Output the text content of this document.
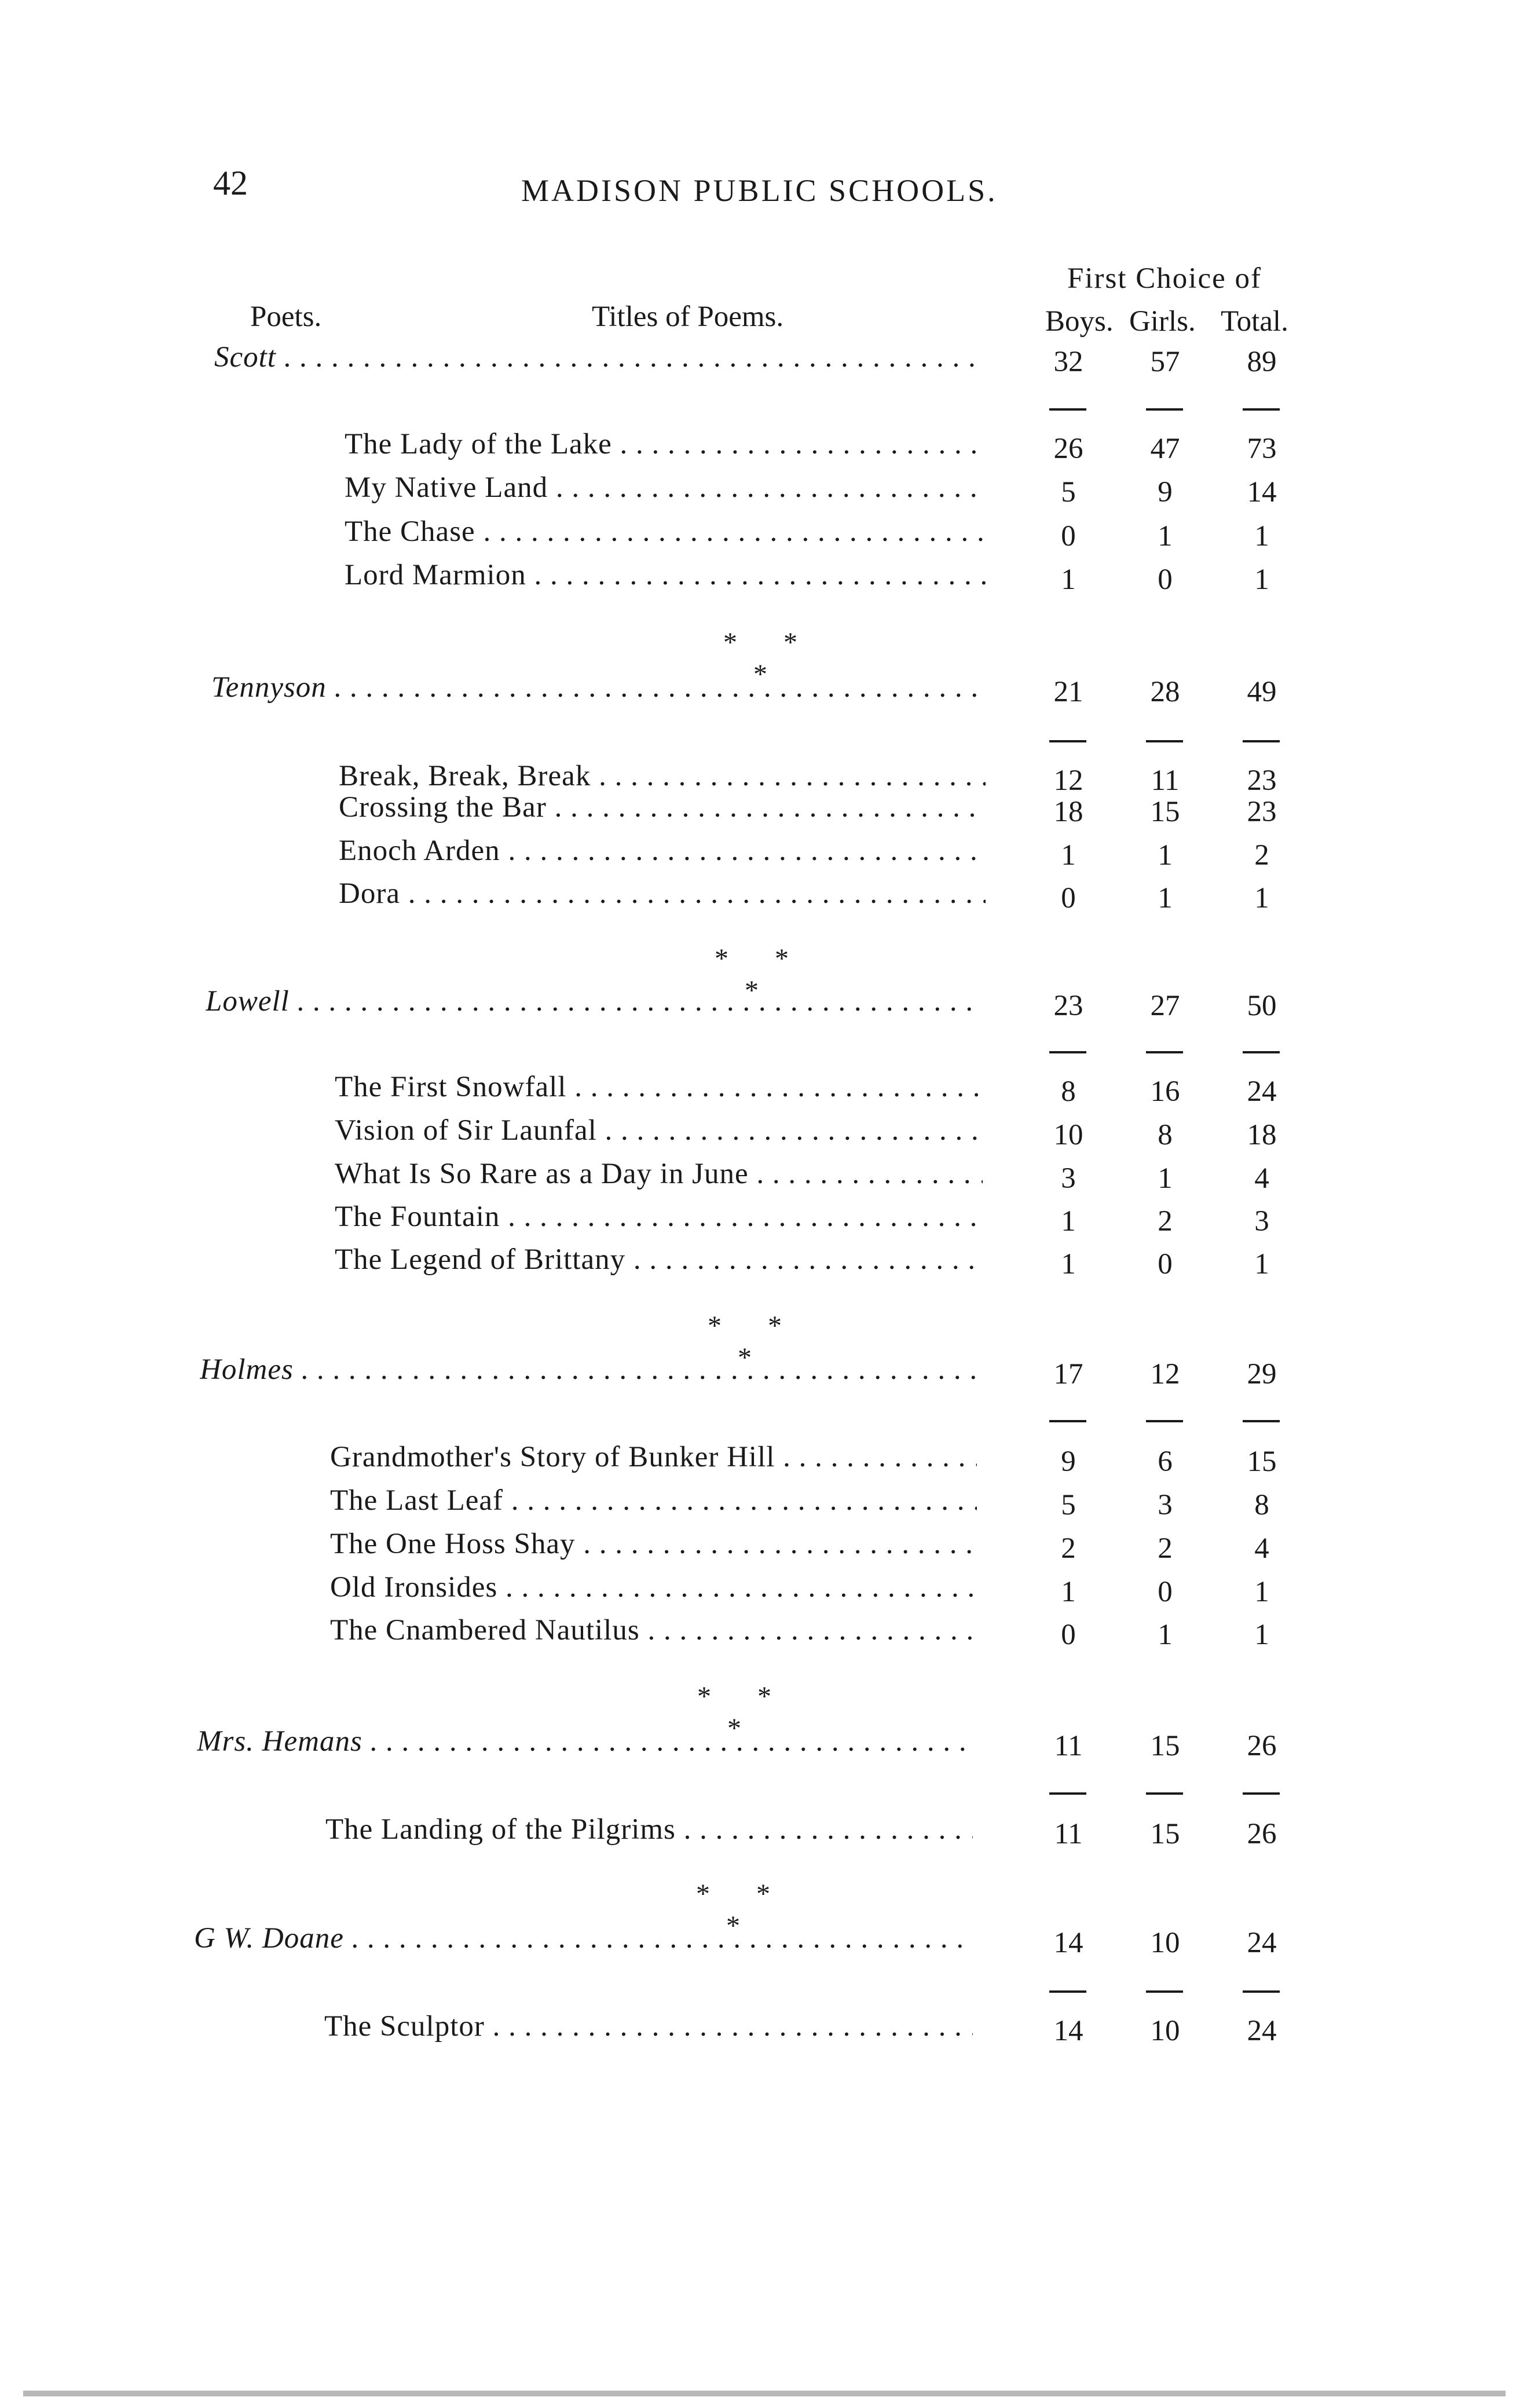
42	MADISON PUBLIC SCHOOLS.
First Choice of
Poets.	Titles of Poems.	Boys. Girls. Total.
Scott . . .	32	57	89
The Lady of the Lake . . .	26	47	73
My Native Land . . .	5	9	14
The Chase . . .	0	1	1
Lord Marmion . . .	1	0	1
* * *
Tennyson . . .	21	28	49
Break, Break, Break . . .	12	11	23
Crossing the Bar . . .	18	15	23
Enoch Arden . . .	1	1	2
Dora . . .	0	1	1
* * *
Lowell . . .	23	27	50
The First Snowfall . . .	8	16	24
Vision of Sir Launfal . . .	10	8	18
What Is So Rare as a Day in June . . .	3	1	4
The Fountain . . .	1	2	3
The Legend of Brittany . . .	1	0	1
* * *
Holmes . . .	17	12	29
Grandmother's Story of Bunker Hill . . .	9	6	15
The Last Leaf . . .	5	3	8
The One Hoss Shay . . .	2	2	4
Old Ironsides . . .	1	0	1
The Cnambered Nautilus . . .	0	1	1
* * *
Mrs. Hemans . . .	11	15	26
The Landing of the Pilgrims . . .	11	15	26
* * *
G W. Doane . . .	14	10	24
The Sculptor . . .	14	10	24
